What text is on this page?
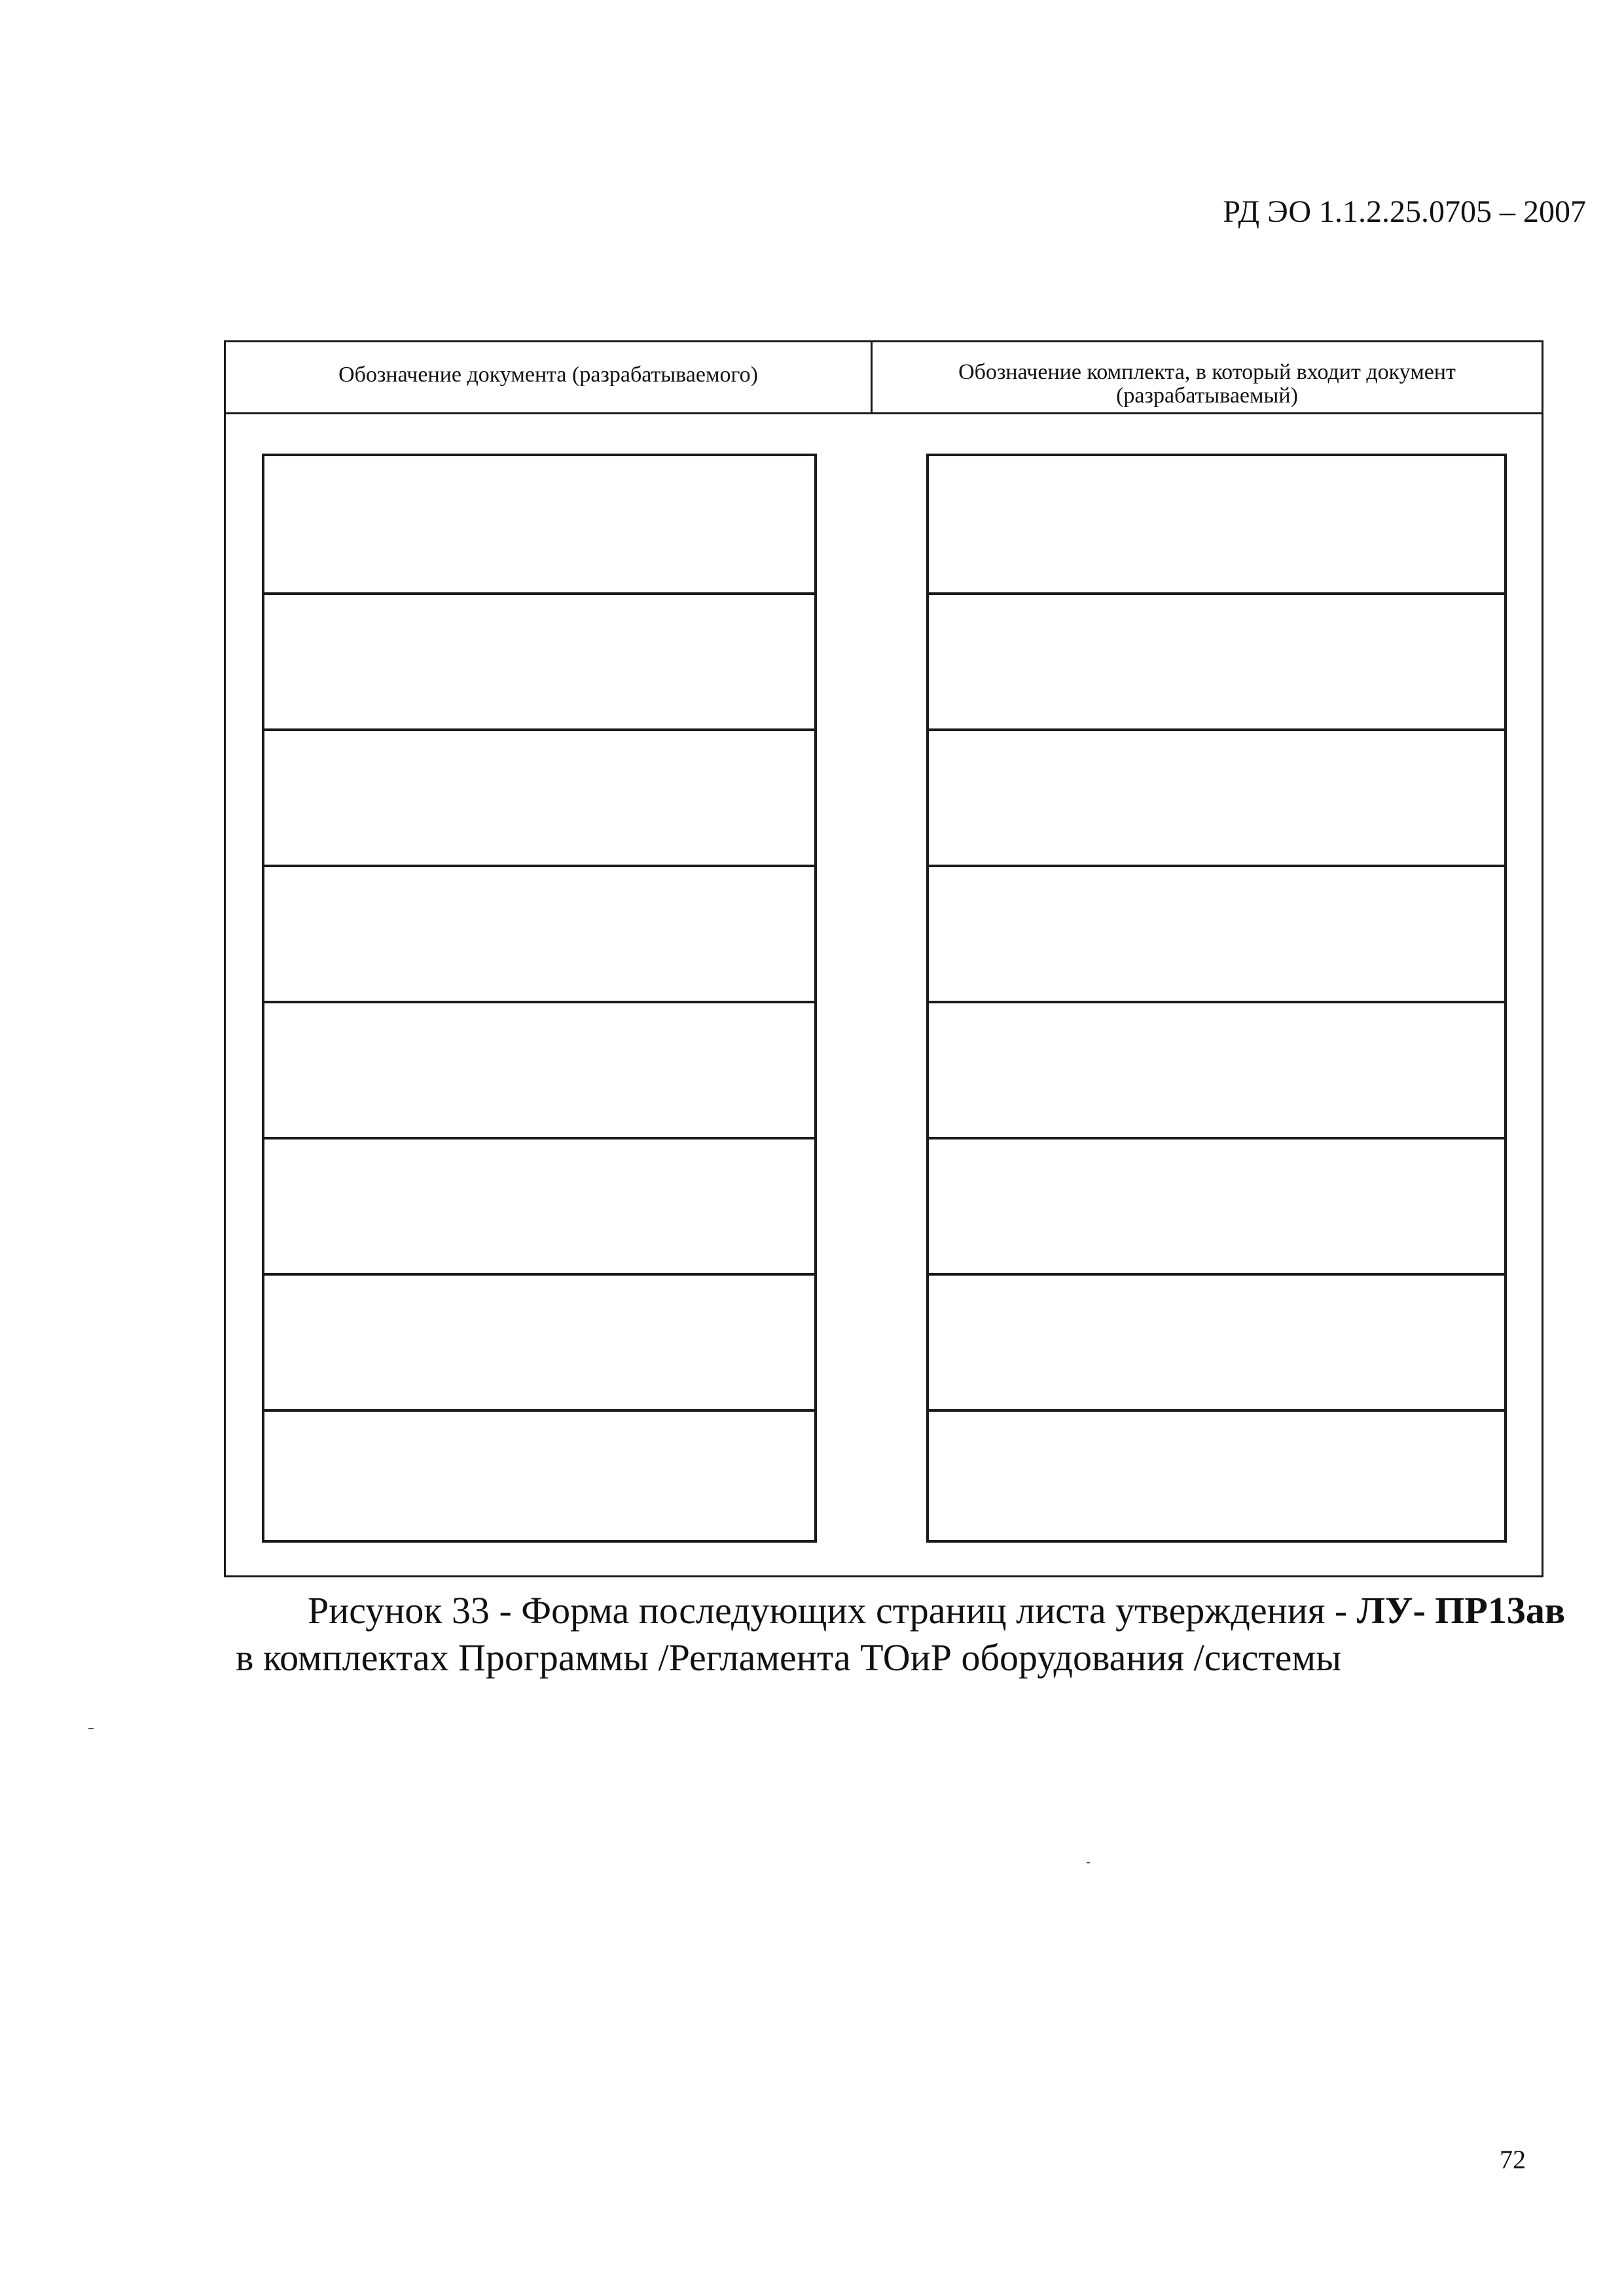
РД ЭО 1.1.2.25.0705 – 2007
Обозначение документа (разрабатываемого)	Обозначение комплекта, в который входит документ (разрабатываемый)
Рисунок 33 - Форма последующих страниц листа утверждения - ЛУ- ПР13ав
в комплектах Программы /Регламента ТОиР оборудования /системы
72
